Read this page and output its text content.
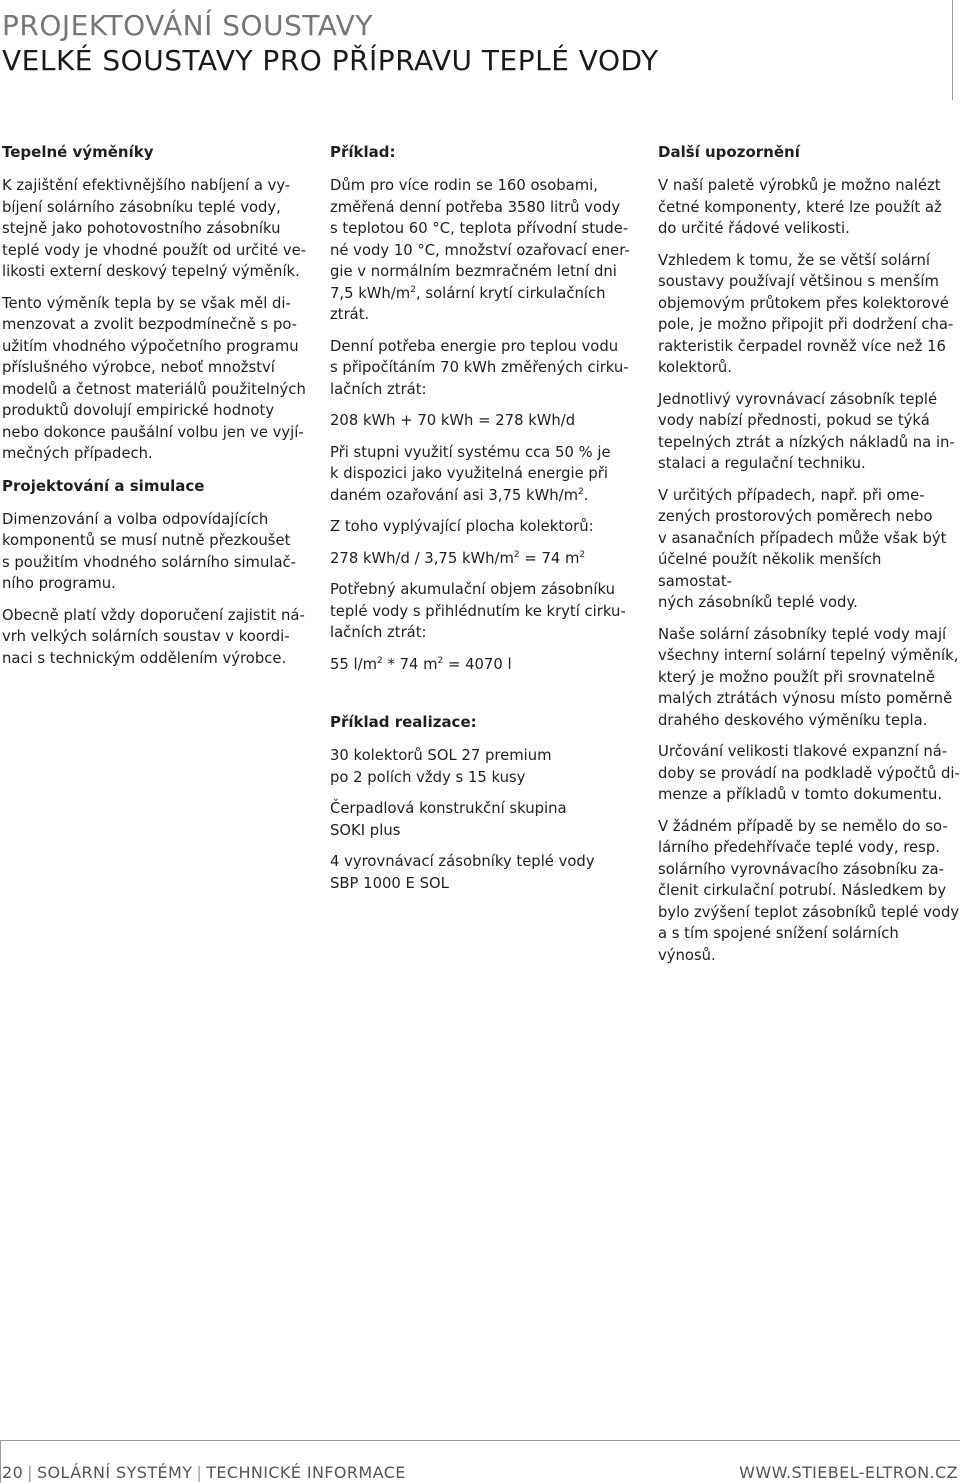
PROJEKTOVÁNÍ SOUSTAVY
VELKÉ SOUSTAVY PRO PŘÍPRAVU TEPLÉ VODY
Tepelné výměníky

K zajištění efektivnějšího nabíjení a vy-
bíjení solárního zásobníku teplé vody,
stejně jako pohotovostního zásobníku
teplé vody je vhodné použít od určité ve-
likosti externí deskový tepelný výměník.

Tento výměník tepla by se však měl di-
menzovat a zvolit bezpodmínečně s po-
užitím vhodného výpočetního programu
příslušného výrobce, neboť množství
modelů a četnost materiálů použitelných
produktů dovolují empirické hodnoty
nebo dokonce paušální volbu jen ve vyjí-
mečných případech.

Projektování a simulace

Dimenzování a volba odpovídajících
komponentů se musí nutně přezkoušet
s použitím vhodného solárního simulač-
ního programu.

Obecně platí vždy doporučení zajistit ná-
vrh velkých solárních soustav v koordi-
naci s technickým oddělením výrobce.

Příklad:

Dům pro více rodin se 160 osobami,
změřená denní potřeba 3580 litrů vody
s teplotou 60 °C, teplota přívodní stude-
né vody 10 °C, množství ozařovací ener-
gie v normálním bezmračném letní dni
7,5 kWh/$m^2$, solární krytí cirkulačních
ztrát.

Denní potřeba energie pro teplou vodu
s připočítáním 70 kWh změřených cirku-
lačních ztrát:

208 kWh + 70 kWh = 278 kWh/d

Při stupni využití systému cca 50 % je
k dispozici jako využitelná energie při
daném ozařování asi 3,75 kWh/$m^2$.

Z toho vyplývající plocha kolektorů:

278 kWh/d / 3,75 kWh/$m^2 = 74$ $m^2$

Potřebný akumulační objem zásobníku
teplé vody s přihlédnutím ke krytí cirku-
lačních ztrát:

55 $l/m^2 * 74$ $m^2 = 4070$ l

Příklad realizace:

30 kolektorů SOL 27 premium
po 2 polích vždy s 15 kusy

Čerpadlová konstrukční skupina
SOKI plus

4 vyrovnávací zásobníky teplé vody
SBP 1000 E SOL

Další upozornění

V naší paletě výrobků je možno nalézt
četné komponenty, které lze použít až
do určité řádové velikosti.

Vzhledem k tomu, že se větší solární
soustavy používají většinou s menším
objemovým průtokem přes kolektorové
pole, je možno připojit při dodržení cha-
rakteristik čerpadel rovněž více než 16
kolektorů.

Jednotlivý vyrovnávací zásobník teplé
vody nabízí přednosti, pokud se týká
tepelných ztrát a nízkých nákladů na in-
stalaci a regulační techniku.

V určitých případech, např. při ome-
zených prostorových poměrech nebo
v asanačních případech může však být
účelné použít několik menších samostat-
ných zásobníků teplé vody.

Naše solární zásobníky teplé vody mají
všechny interní solární tepelný výměník,
který je možno použít při srovnatelně
malých ztrátách výnosu místo poměrně
drahého deskového výměníku tepla.

Určování velikosti tlakové expanzní ná-
doby se provádí na podkladě výpočtů di-
menze a příkladů v tomto dokumentu.

V žádném případě by se nemělo do so-
lárního předehřívače teplé vody, resp.
solárního vyrovnávacího zásobníku za-
členit cirkulační potrubí. Následkem by
bylo zvýšení teplot zásobníků teplé vody
a s tím spojené snížení solárních výnosů.

20 | SOLÁRNÍ SYSTÉMY | TECHNICKÉ INFORMACE	WWW.STIEBEL-ELTRON.CZ
